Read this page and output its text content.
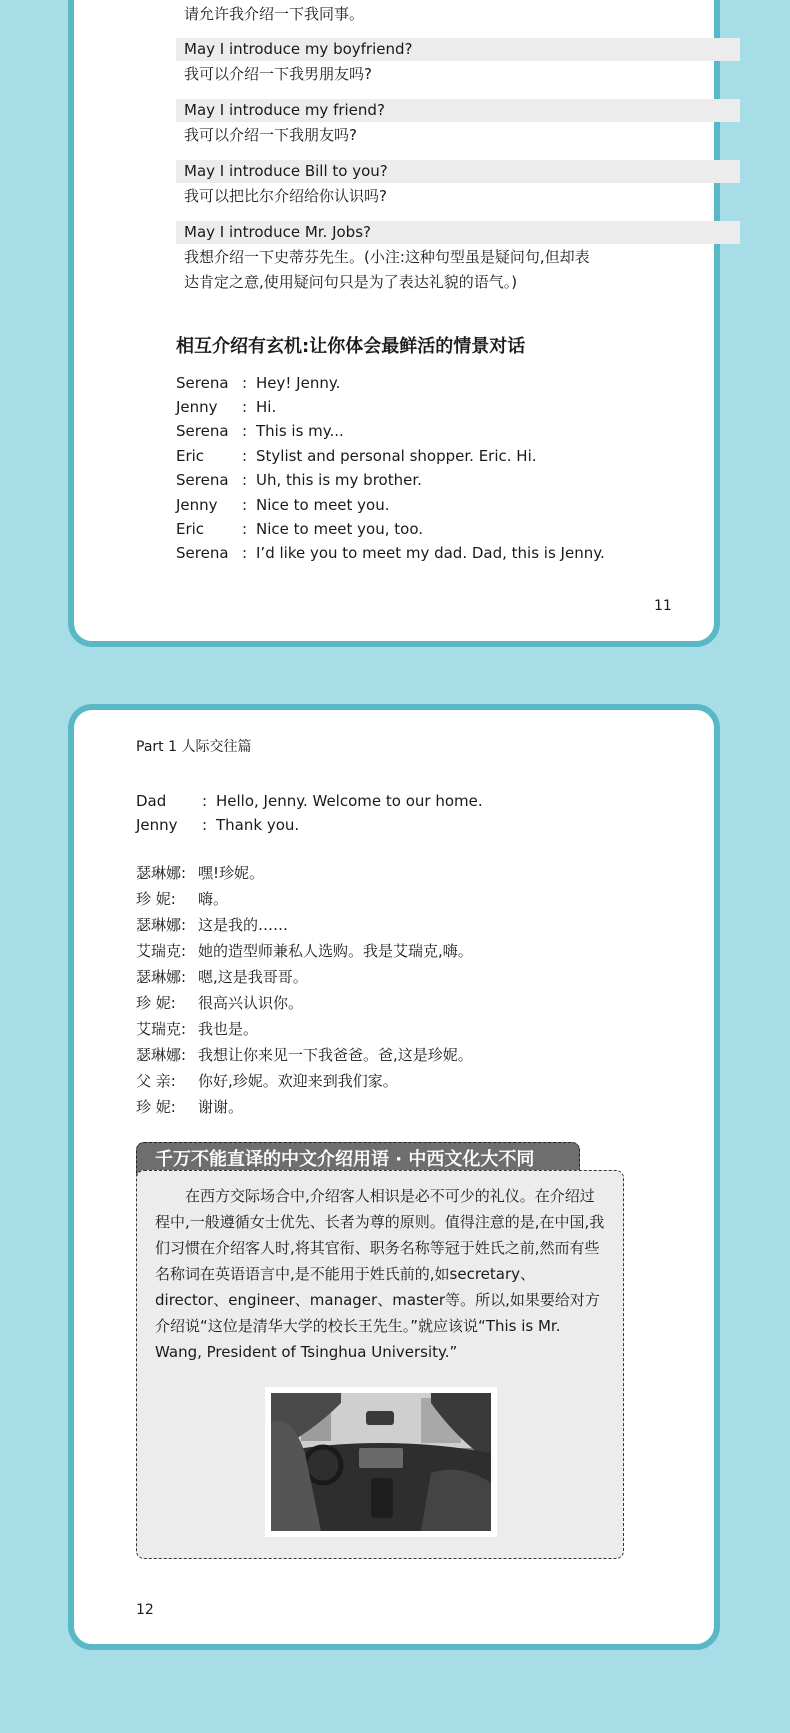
请允许我介绍一下我同事。
May I introduce my boyfriend?
我可以介绍一下我男朋友吗?
May I introduce my friend?
我可以介绍一下我朋友吗?
May I introduce Bill to you?
我可以把比尔介绍给你认识吗?
May I introduce Mr. Jobs?
我想介绍一下史蒂芬先生。(小注:这种句型虽是疑问句,但却表
达肯定之意,使用疑问句只是为了表达礼貌的语气。)
相互介绍有玄机:让你体会最鲜活的情景对话
Serena : Hey! Jenny.
Jenny	: Hi.
Serena : This is my...
Eric	: Stylist and personal shopper. Eric. Hi.
Serena : Uh, this is my brother.
Jenny	: Nice to meet you.
Eric	: Nice to meet you, too.
Serena : I’d like you to meet my dad. Dad, this is Jenny.
11
Part 1 人际交往篇
Dad	: Hello, Jenny. Welcome to our home.
Jenny	: Thank you.
瑟琳娜: 嘿!珍妮。
珍 妮: 嗨。
瑟琳娜: 这是我的……
艾瑞克: 她的造型师兼私人选购。我是艾瑞克,嗨。
瑟琳娜: 嗯,这是我哥哥。
珍 妮: 很高兴认识你。
艾瑞克: 我也是。
瑟琳娜: 我想让你来见一下我爸爸。爸,这是珍妮。
父 亲: 你好,珍妮。欢迎来到我们家。
珍 妮: 谢谢。
千万不能直译的中文介绍用语 · 中西文化大不同

在西方交际场合中,介绍客人相识是必不可少的礼仪。在介绍过程中,一般遵循女士优先、长者为尊的原则。值得注意的是,在中国,我们习惯在介绍客人时,将其官衔、职务名称等冠于姓氏之前,然而有些名称词在英语语言中,是不能用于姓氏前的,如secretary、director、engineer、manager、master等。所以,如果要给对方介绍说“这位是清华大学的校长王先生。”就应该说“This is Mr. Wang, President of Tsinghua University.”

12
